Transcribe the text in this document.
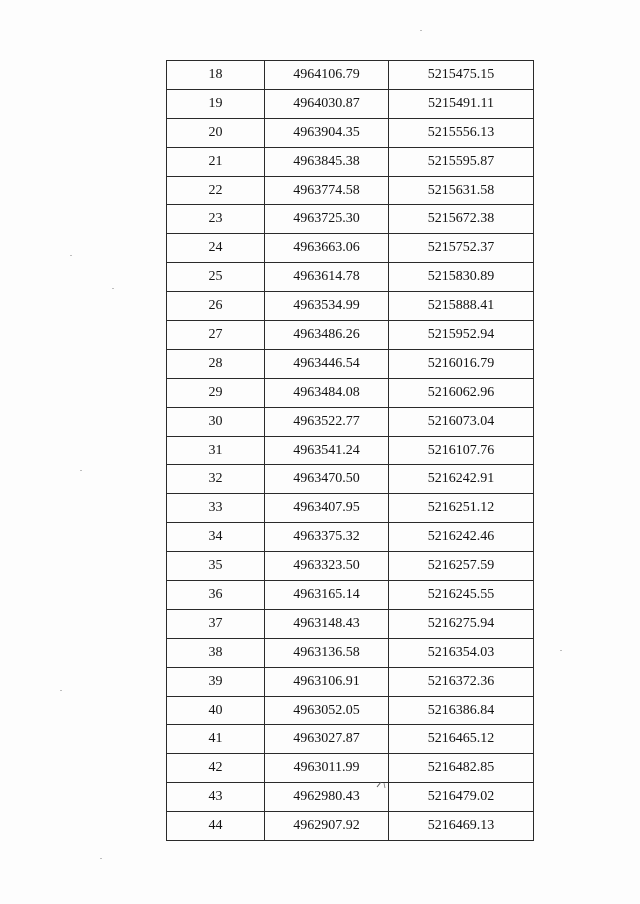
18	4964106.79	5215475.15
19	4964030.87	5215491.11
20	4963904.35	5215556.13
21	4963845.38	5215595.87
22	4963774.58	5215631.58
23	4963725.30	5215672.38
24	4963663.06	5215752.37
25	4963614.78	5215830.89
26	4963534.99	5215888.41
27	4963486.26	5215952.94
28	4963446.54	5216016.79
29	4963484.08	5216062.96
30	4963522.77	5216073.04
31	4963541.24	5216107.76
32	4963470.50	5216242.91
33	4963407.95	5216251.12
34	4963375.32	5216242.46
35	4963323.50	5216257.59
36	4963165.14	5216245.55
37	4963148.43	5216275.94
38	4963136.58	5216354.03
39	4963106.91	5216372.36
40	4963052.05	5216386.84
41	4963027.87	5216465.12
42	4963011.99	5216482.85
43	4962980.43	5216479.02
44	4962907.92	5216469.13
